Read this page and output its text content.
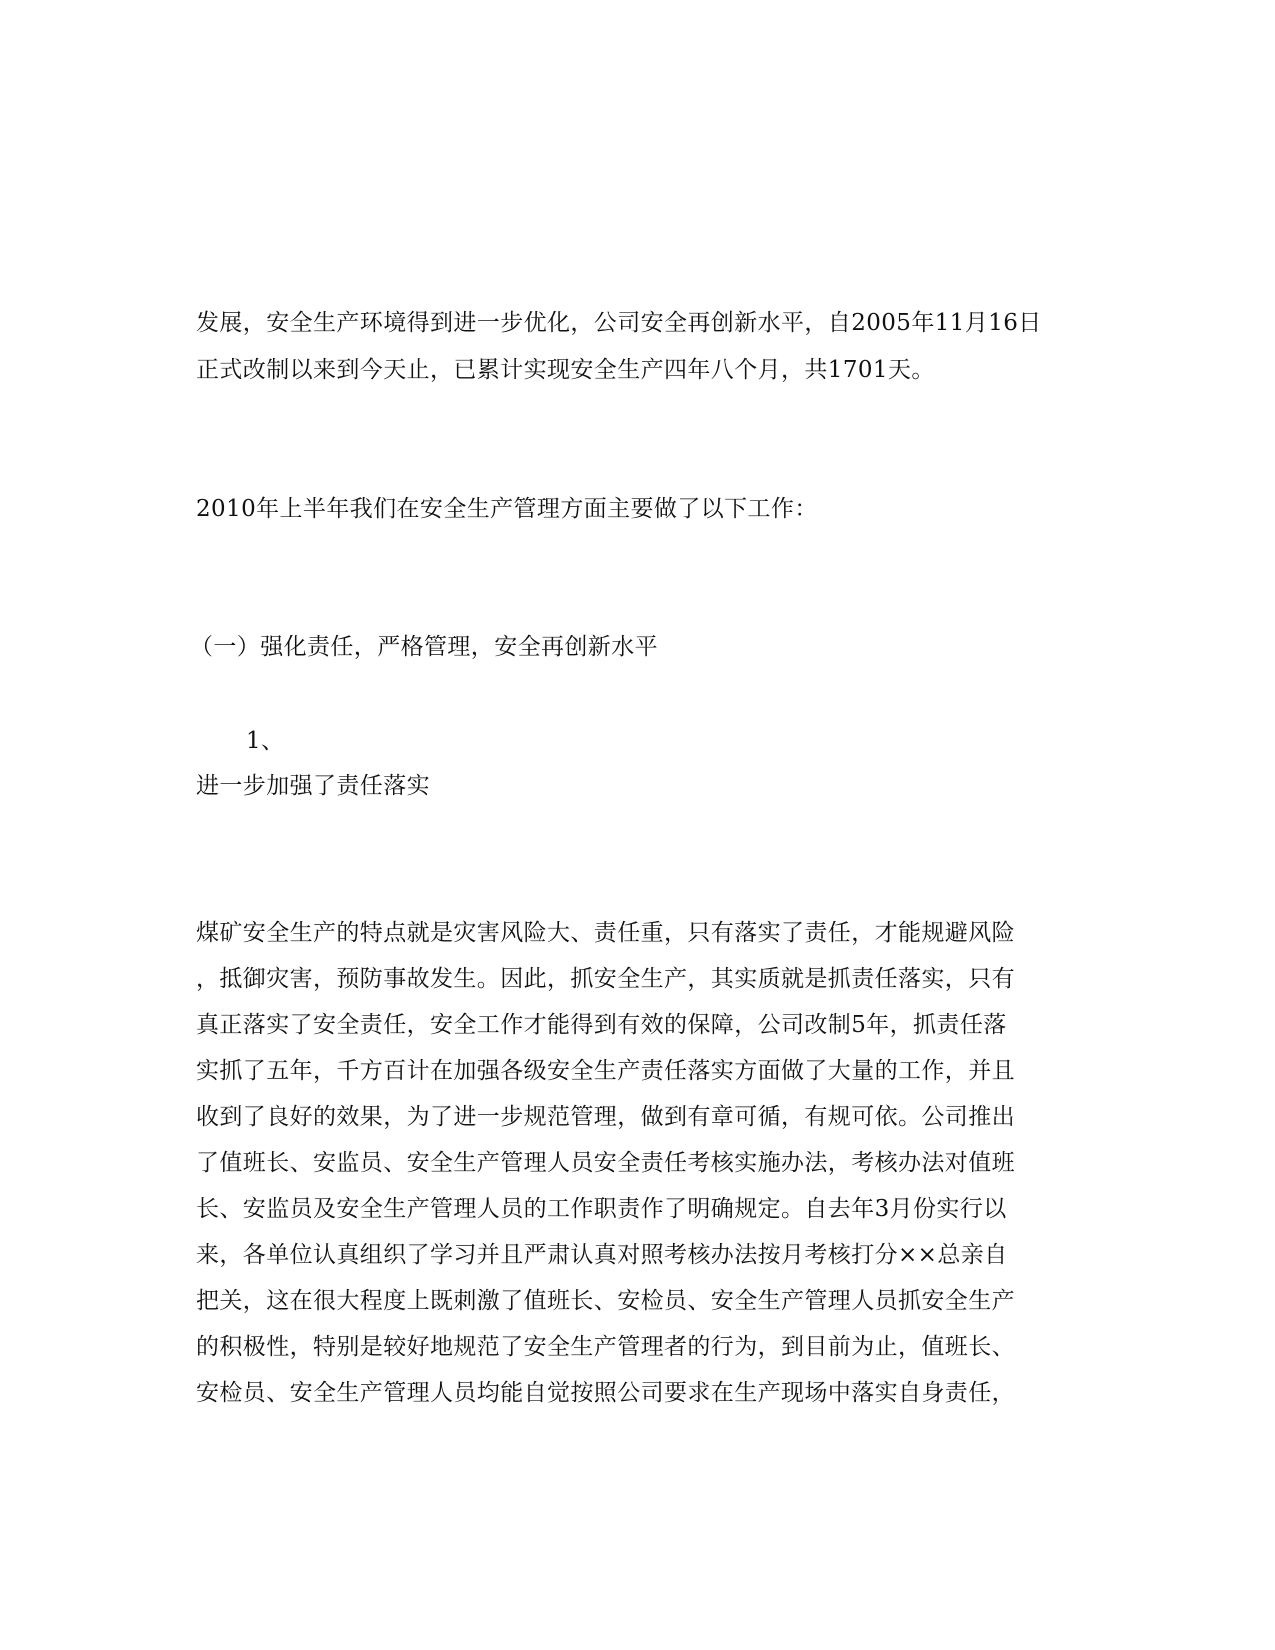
发展，安全生产环境得到进一步优化，公司安全再创新水平，自2005年11月16日
正式改制以来到今天止，已累计实现安全生产四年八个月，共1701天。
2010年上半年我们在安全生产管理方面主要做了以下工作：
（一）强化责任，严格管理，安全再创新水平
1、
进一步加强了责任落实
煤矿安全生产的特点就是灾害风险大、责任重，只有落实了责任，才能规避风险
，抵御灾害，预防事故发生。因此，抓安全生产，其实质就是抓责任落实，只有
真正落实了安全责任，安全工作才能得到有效的保障，公司改制5年，抓责任落
实抓了五年，千方百计在加强各级安全生产责任落实方面做了大量的工作，并且
收到了良好的效果，为了进一步规范管理，做到有章可循，有规可依。公司推出
了值班长、安监员、安全生产管理人员安全责任考核实施办法，考核办法对值班
长、安监员及安全生产管理人员的工作职责作了明确规定。自去年3月份实行以
来，各单位认真组织了学习并且严肃认真对照考核办法按月考核打分××总亲自
把关，这在很大程度上既刺激了值班长、安检员、安全生产管理人员抓安全生产
的积极性，特别是较好地规范了安全生产管理者的行为，到目前为止，值班长、
安检员、安全生产管理人员均能自觉按照公司要求在生产现场中落实自身责任，
